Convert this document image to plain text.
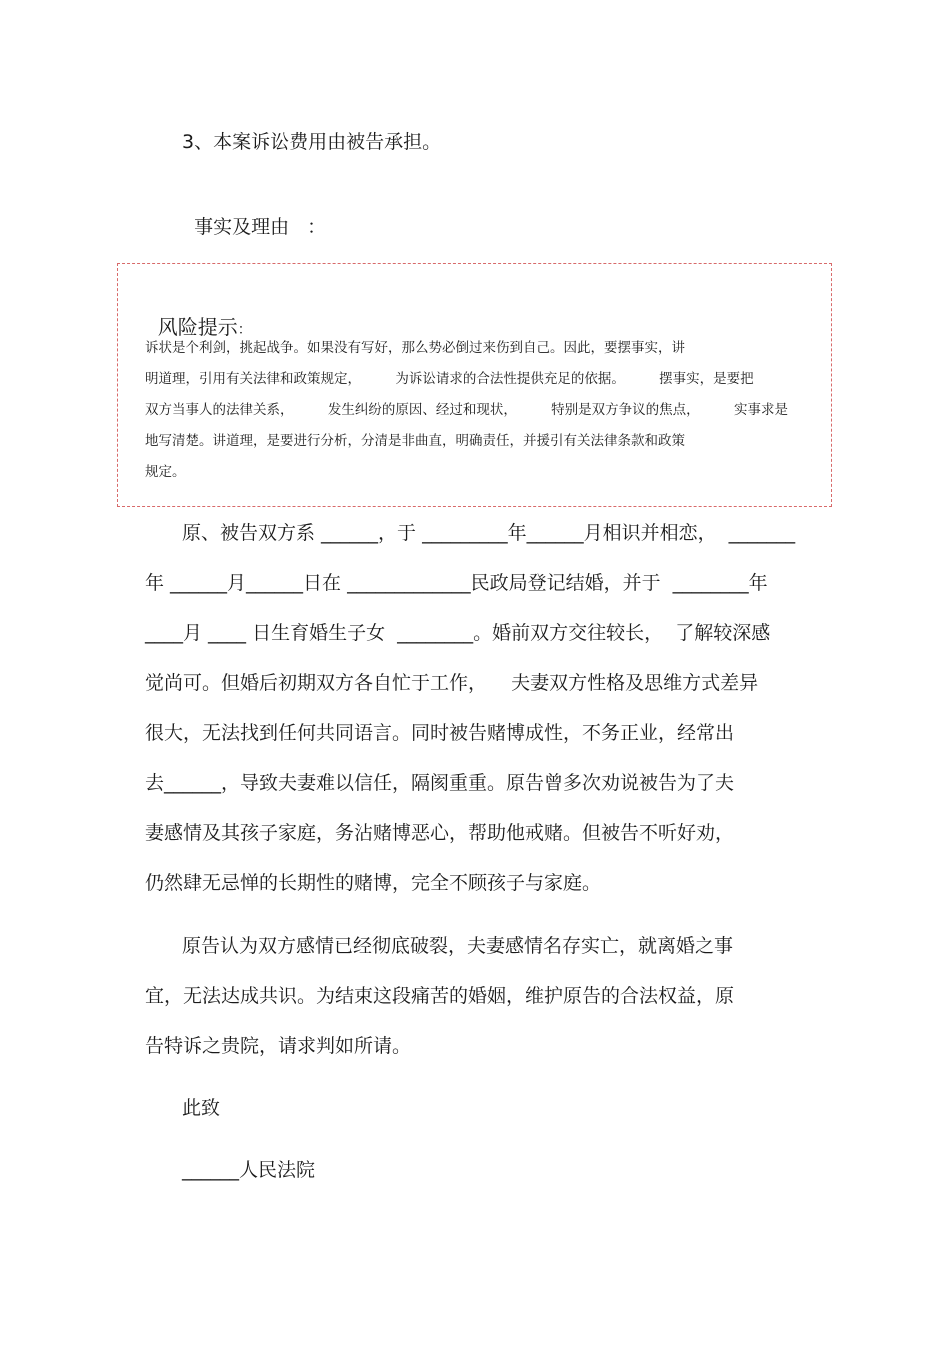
3、本案诉讼费用由被告承担。

事实及理由 ：

风险提示：

诉状是个利剑，挑起战争。如果没有写好，那么势必倒过来伤到自己。因此，要摆事实，讲
明道理，引用有关法律和政策规定，        为诉讼请求的合法性提供充足的依据。        摆事实，是要把
双方当事人的法律关系，        发生纠纷的原因、经过和现状，        特别是双方争议的焦点，        实事求是
地写清楚。讲道理，是要进行分析，分清是非曲直，明确责任，并援引有关法律条款和政策
规定。
原、被告双方系 ______，于 _________年______月相识并相恋，  _______
年 ______月______日在 _____________民政局登记结婚，并于  ________年
____月 ____ 日生育婚生子女  ________。婚前双方交往较长，  了解较深感
觉尚可。但婚后初期双方各自忙于工作，    夫妻双方性格及思维方式差异
很大，无法找到任何共同语言。同时被告赌博成性，不务正业，经常出
去______，导致夫妻难以信任，隔阂重重。原告曾多次劝说被告为了夫
妻感情及其孩子家庭，务沾赌博恶心，帮助他戒赌。但被告不听好劝，
仍然肆无忌惮的长期性的赌博，完全不顾孩子与家庭。
原告认为双方感情已经彻底破裂，夫妻感情名存实亡，就离婚之事
宜，无法达成共识。为结束这段痛苦的婚姻，维护原告的合法权益，原
告特诉之贵院，请求判如所请。
此致
______人民法院
